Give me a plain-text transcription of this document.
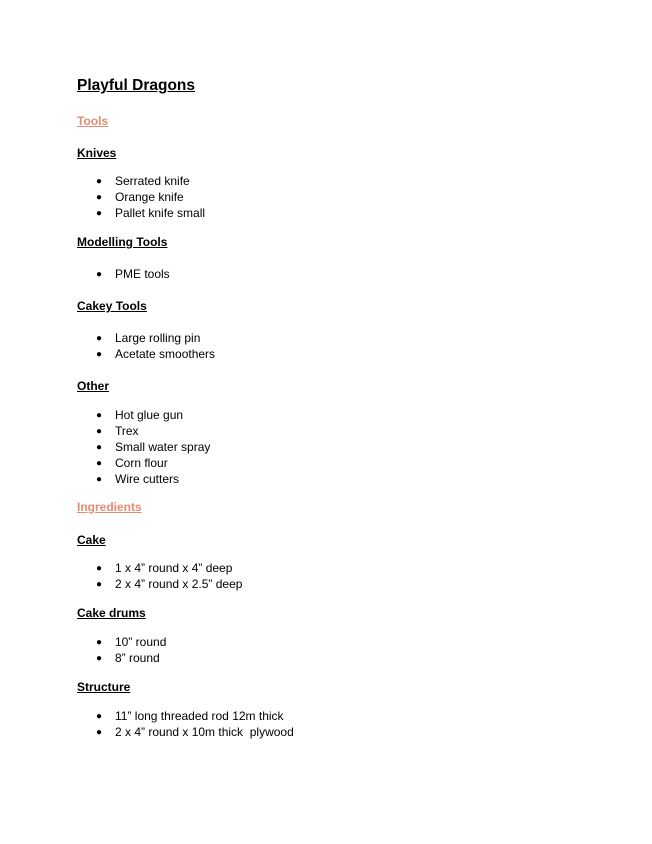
Playful Dragons
Tools
Knives
● Serrated knife
● Orange knife
● Pallet knife small
Modelling Tools
● PME tools
Cakey Tools
● Large rolling pin
● Acetate smoothers
Other
● Hot glue gun
● Trex
● Small water spray
● Corn flour
● Wire cutters
Ingredients
Cake
● 1 x 4” round x 4” deep
● 2 x 4” round x 2.5” deep
Cake drums
● 10” round
● 8” round
Structure
● 11” long threaded rod 12m thick
● 2 x 4” round x 10m thick  plywood
